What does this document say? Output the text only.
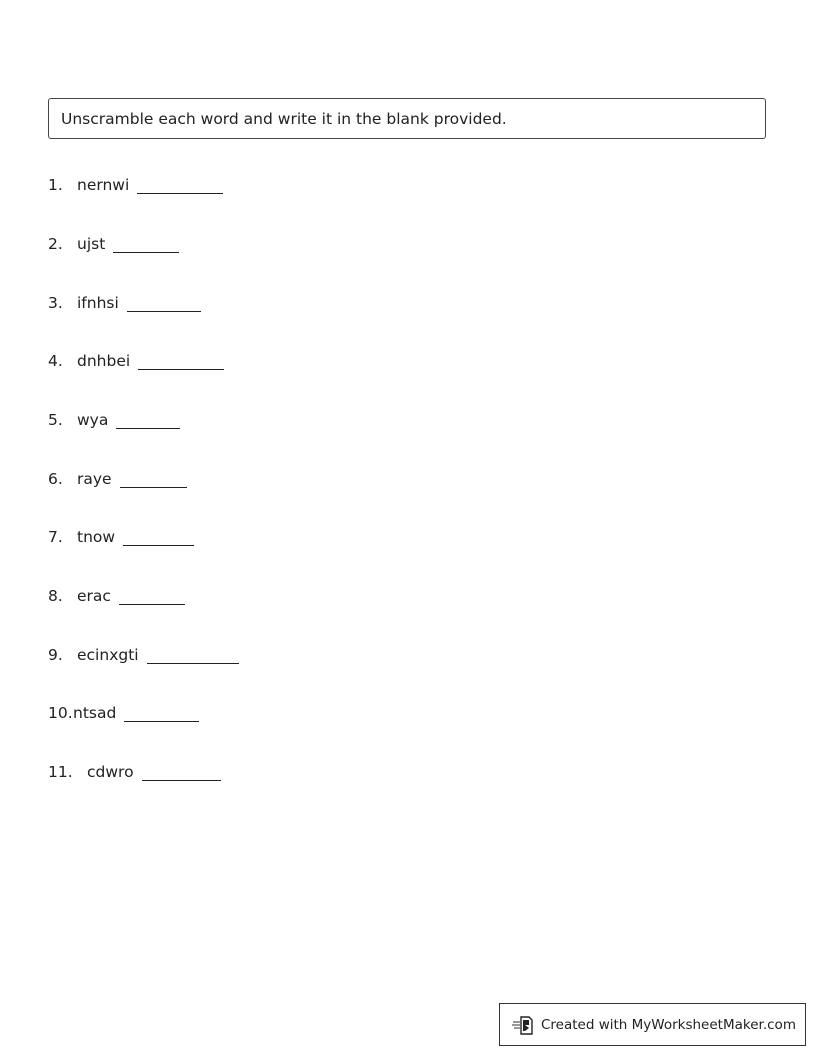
Unscramble each word and write it in the blank provided.
1. nernwi
2. ujst
3. ifnhsi
4. dnhbei
5. wya
6. raye
7. tnow
8. erac
9. ecinxgti
10. ntsad
11. cdwro
Created with MyWorksheetMaker.com
